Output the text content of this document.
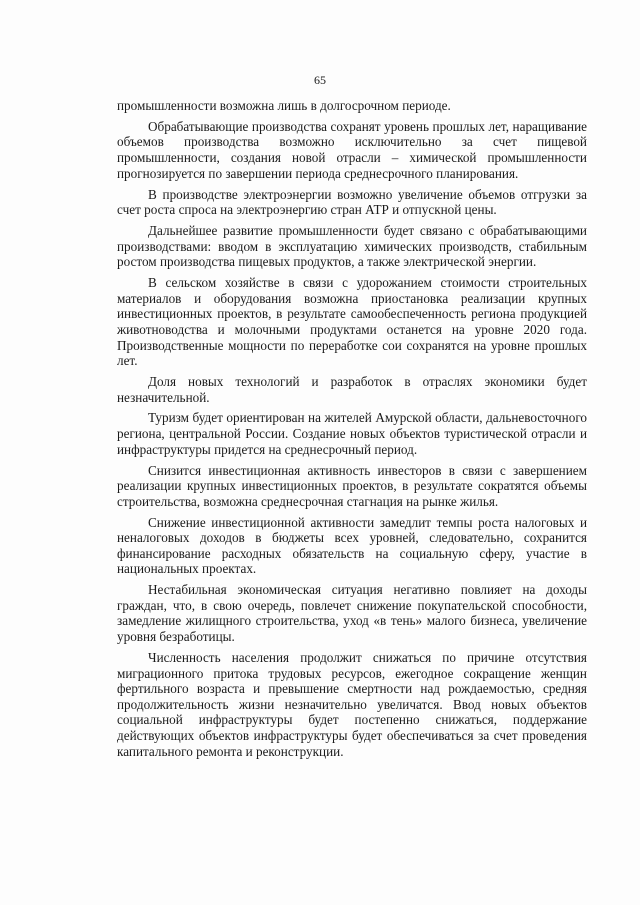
65

промышленности возможна лишь в долгосрочном периоде.

Обрабатывающие производства сохранят уровень прошлых лет, наращивание объемов производства возможно исключительно за счет пищевой промышленности, создания новой отрасли – химической промышленности прогнозируется по завершении периода среднесрочного планирования.

В производстве электроэнергии возможно увеличение объемов отгрузки за счет роста спроса на электроэнергию стран АТР и отпускной цены.

Дальнейшее развитие промышленности будет связано с обрабатывающими производствами: вводом в эксплуатацию химических производств, стабильным ростом производства пищевых продуктов, а также электрической энергии.

В сельском хозяйстве в связи с удорожанием стоимости строительных материалов и оборудования возможна приостановка реализации крупных инвестиционных проектов, в результате самообеспеченность региона продукцией животноводства и молочными продуктами останется на уровне 2020 года. Производственные мощности по переработке сои сохранятся на уровне прошлых лет.

Доля новых технологий и разработок в отраслях экономики будет незначительной.

Туризм будет ориентирован на жителей Амурской области, дальневосточного региона, центральной России. Создание новых объектов туристической отрасли и инфраструктуры придется на среднесрочный период.

Снизится инвестиционная активность инвесторов в связи с завершением реализации крупных инвестиционных проектов, в результате сократятся объемы строительства, возможна среднесрочная стагнация на рынке жилья.

Снижение инвестиционной активности замедлит темпы роста налоговых и неналоговых доходов в бюджеты всех уровней, следовательно, сохранится финансирование расходных обязательств на социальную сферу, участие в национальных проектах.

Нестабильная экономическая ситуация негативно повлияет на доходы граждан, что, в свою очередь, повлечет снижение покупательской способности, замедление жилищного строительства, уход «в тень» малого бизнеса, увеличение уровня безработицы.

Численность населения продолжит снижаться по причине отсутствия миграционного притока трудовых ресурсов, ежегодное сокращение женщин фертильного возраста и превышение смертности над рождаемостью, средняя продолжительность жизни незначительно увеличатся. Ввод новых объектов социальной инфраструктуры будет постепенно снижаться, поддержание действующих объектов инфраструктуры будет обеспечиваться за счет проведения капитального ремонта и реконструкции.
